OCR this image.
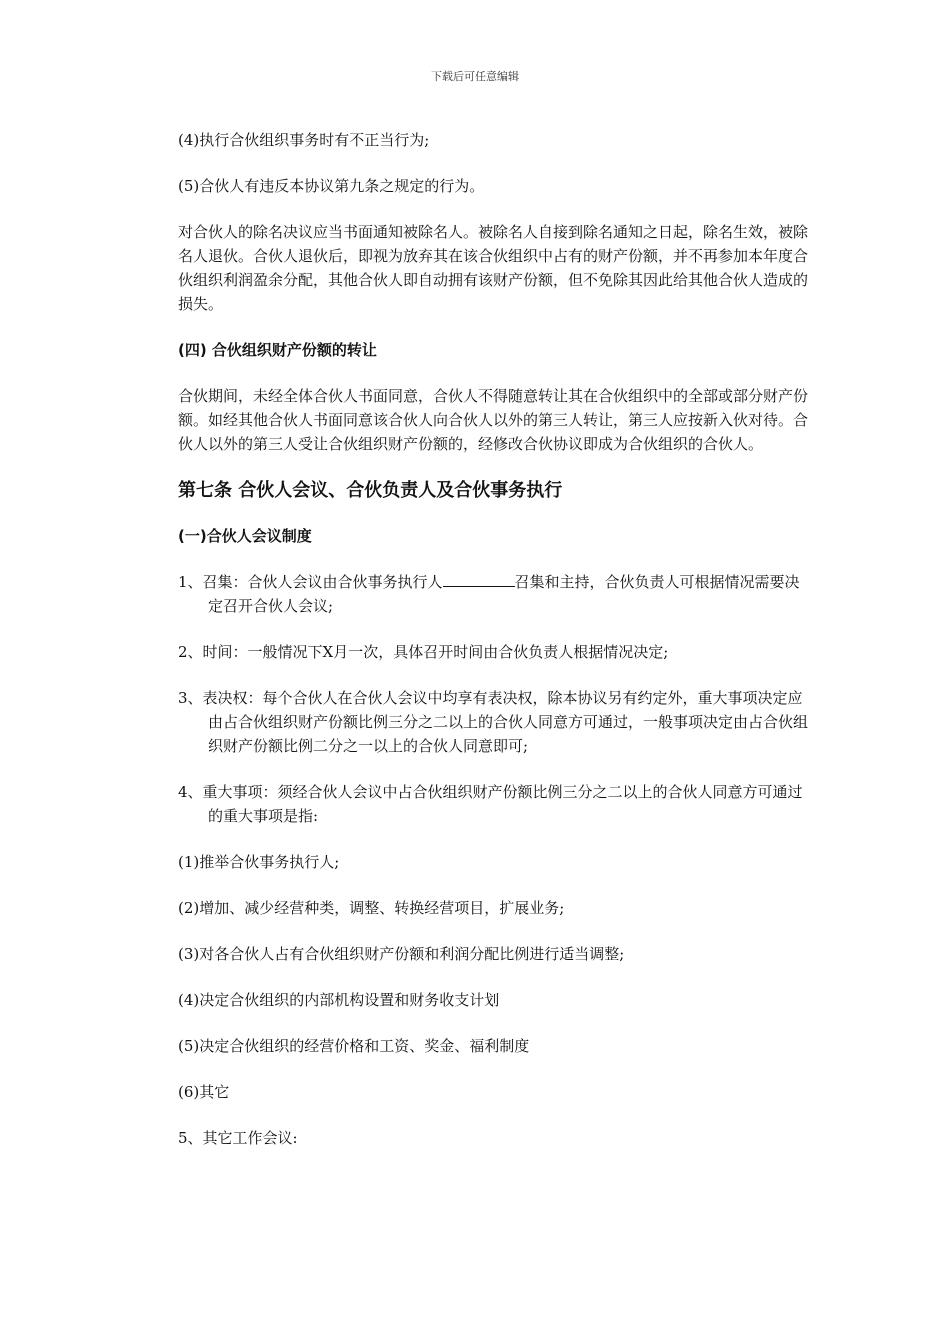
下载后可任意编辑

(4)执行合伙组织事务时有不正当行为;

(5)合伙人有违反本协议第九条之规定的行为。

对合伙人的除名决议应当书面通知被除名人。被除名人自接到除名通知之日起，除名生效，被除名人退伙。合伙人退伙后，即视为放弃其在该合伙组织中占有的财产份额，并不再参加本年度合伙组织利润盈余分配，其他合伙人即自动拥有该财产份额，但不免除其因此给其他合伙人造成的损失。

(四) 合伙组织财产份额的转让

合伙期间，未经全体合伙人书面同意，合伙人不得随意转让其在合伙组织中的全部或部分财产份额。如经其他合伙人书面同意该合伙人向合伙人以外的第三人转让，第三人应按新入伙对待。合伙人以外的第三人受让合伙组织财产份额的，经修改合伙协议即成为合伙组织的合伙人。

第七条 合伙人会议、合伙负责人及合伙事务执行

(一)合伙人会议制度

1、召集：合伙人会议由合伙事务执行人	召集和主持，合伙负责人可根据情况需要决定召开合伙人会议;

2、时间：一般情况下X月一次，具体召开时间由合伙负责人根据情况决定;

3、表决权：每个合伙人在合伙人会议中均享有表决权，除本协议另有约定外，重大事项决定应由占合伙组织财产份额比例三分之二以上的合伙人同意方可通过，一般事项决定由占合伙组织财产份额比例二分之一以上的合伙人同意即可;

4、重大事项：须经合伙人会议中占合伙组织财产份额比例三分之二以上的合伙人同意方可通过的重大事项是指:

(1)推举合伙事务执行人;

(2)增加、减少经营种类，调整、转换经营项目，扩展业务;

(3)对各合伙人占有合伙组织财产份额和利润分配比例进行适当调整;

(4)决定合伙组织的内部机构设置和财务收支计划

(5)决定合伙组织的经营价格和工资、奖金、福利制度

(6)其它

5、其它工作会议:
